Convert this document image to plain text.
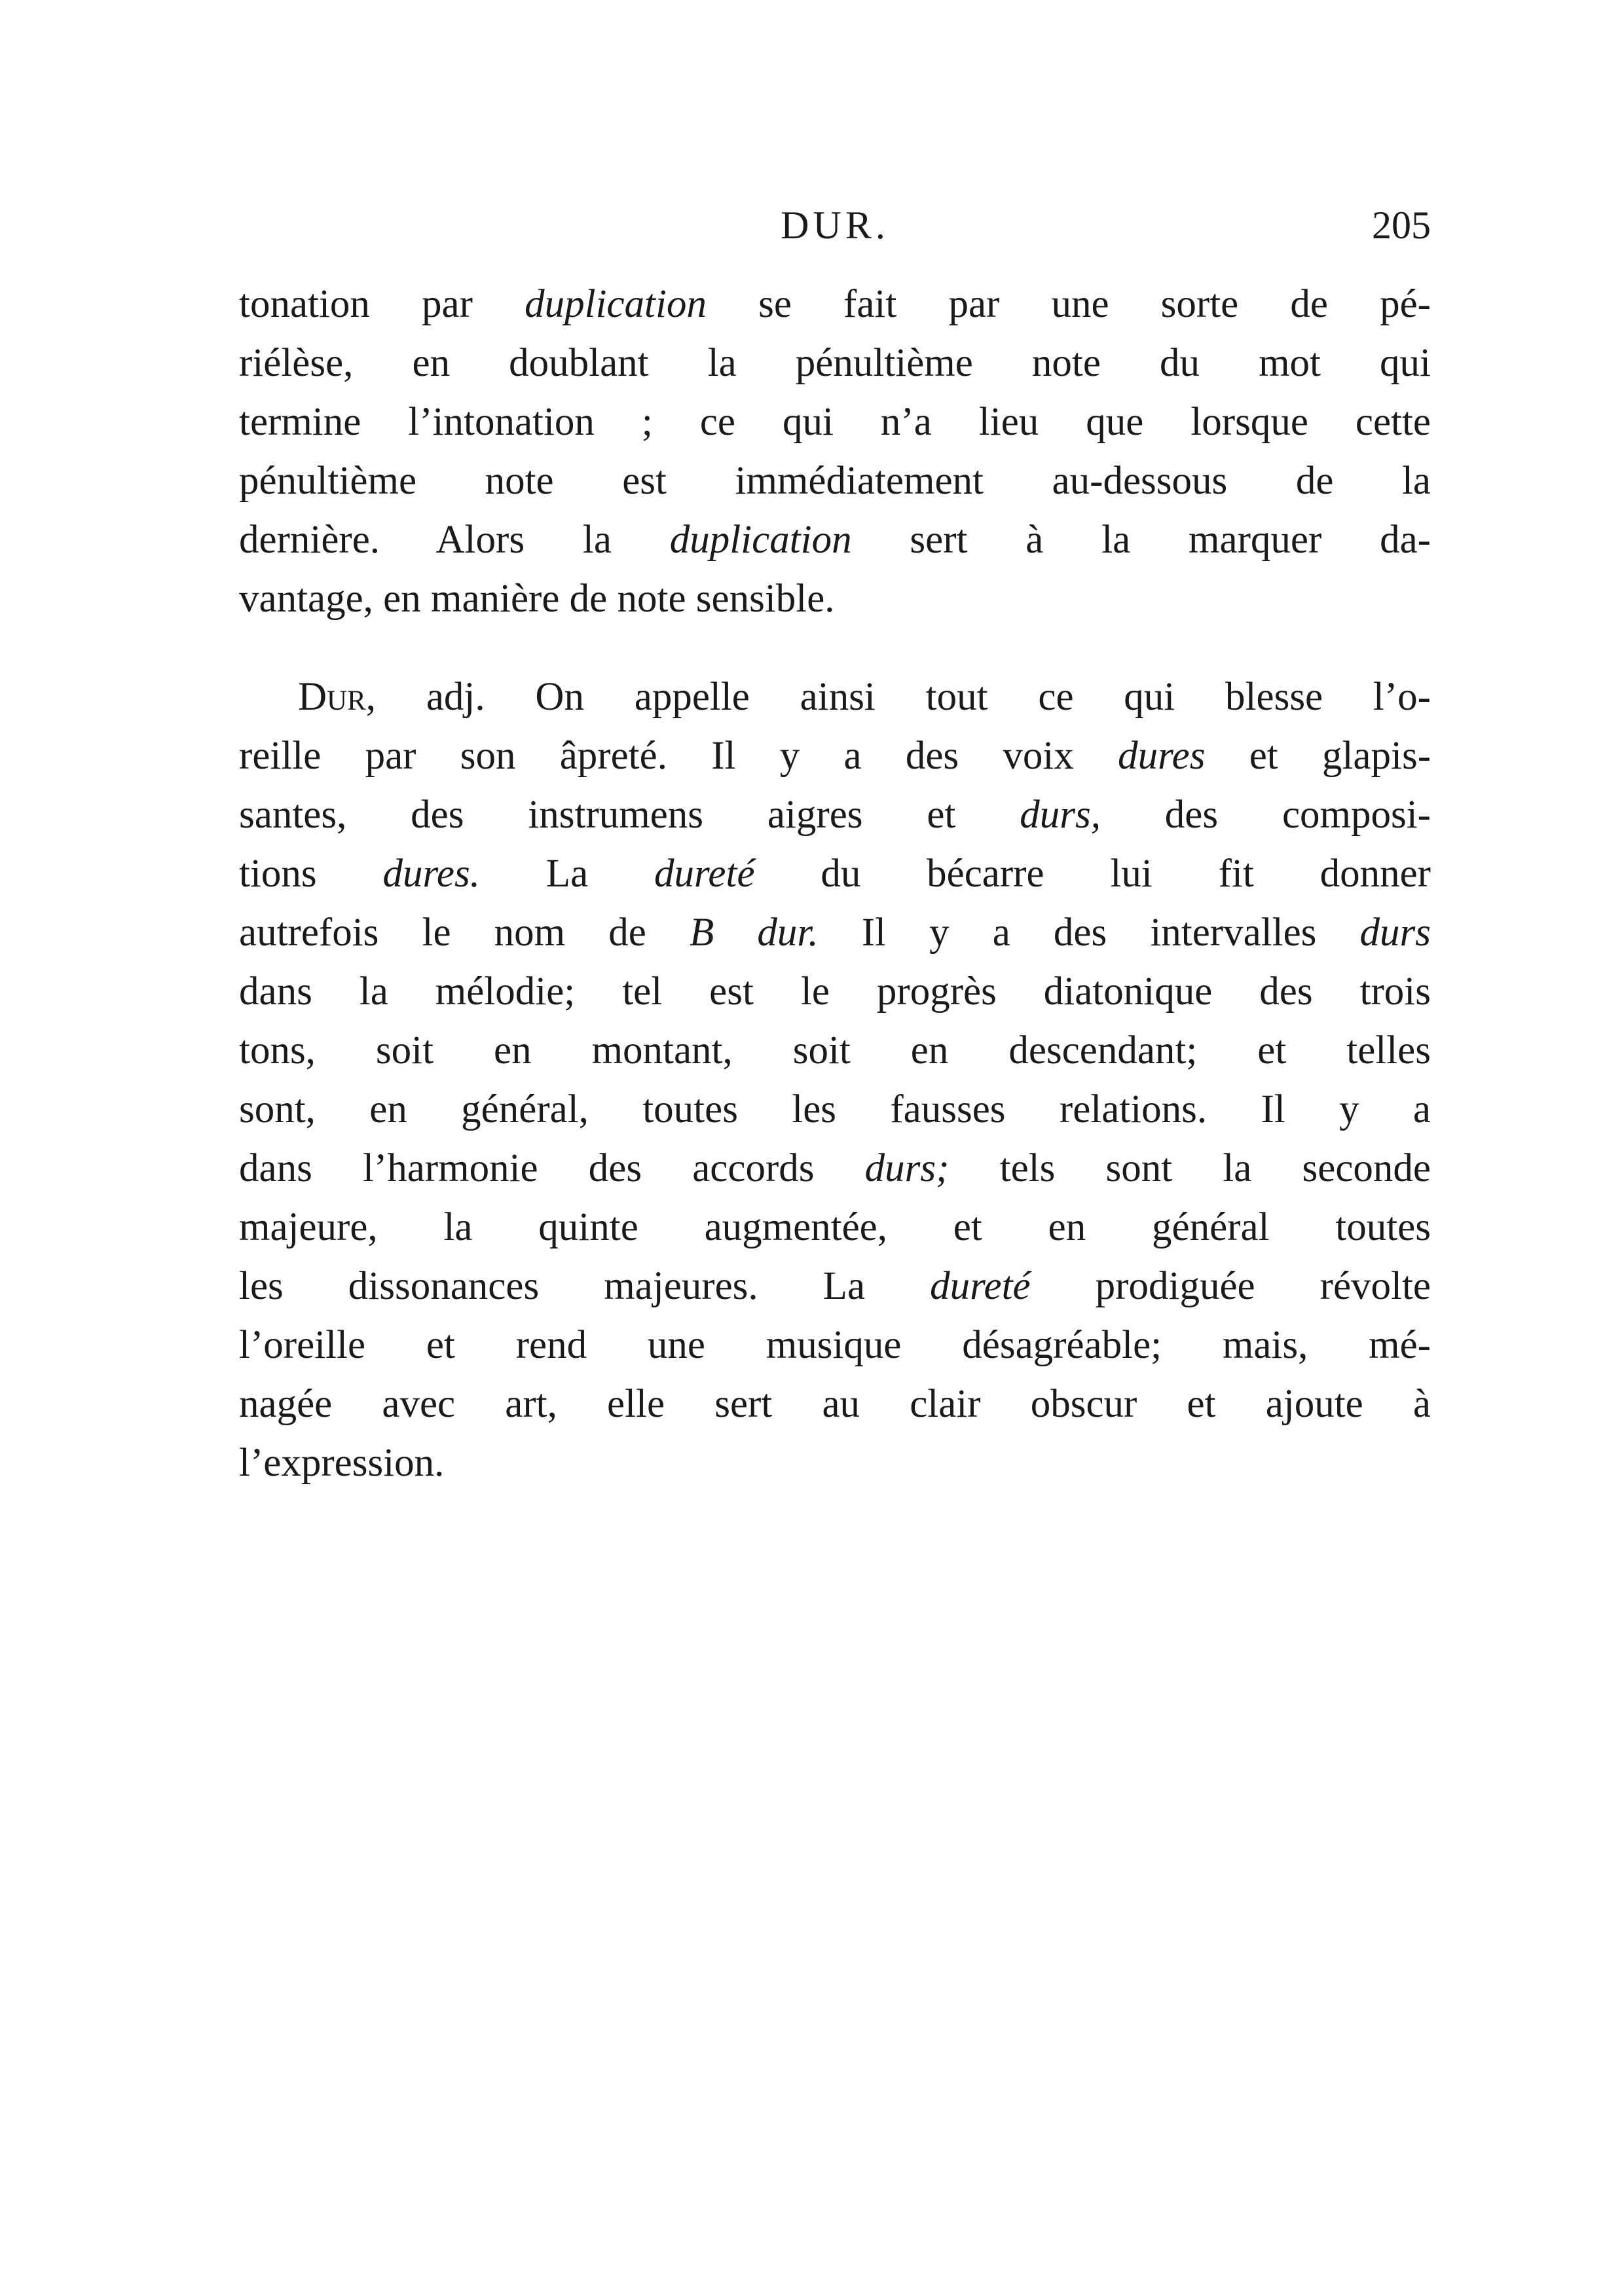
DUR.	205
tonation par duplication se fait par une sorte de pé-
riélèse, en doublant la pénultième note du mot qui
termine l’intonation ; ce qui n’a lieu que lorsque cette
pénultième note est immédiatement au-dessous de la
dernière. Alors la duplication sert à la marquer da-
vantage, en manière de note sensible.
Dur, adj. On appelle ainsi tout ce qui blesse l’o-
reille par son âpreté. Il y a des voix dures et glapis-
santes, des instrumens aigres et durs, des composi-
tions dures. La dureté du bécarre lui fit donner
autrefois le nom de B dur. Il y a des intervalles durs
dans la mélodie; tel est le progrès diatonique des trois
tons, soit en montant, soit en descendant; et telles
sont, en général, toutes les fausses relations. Il y a
dans l’harmonie des accords durs; tels sont la seconde
majeure, la quinte augmentée, et en général toutes
les dissonances majeures. La dureté prodiguée révolte
l’oreille et rend une musique désagréable; mais, mé-
nagée avec art, elle sert au clair obscur et ajoute à
l’expression.
